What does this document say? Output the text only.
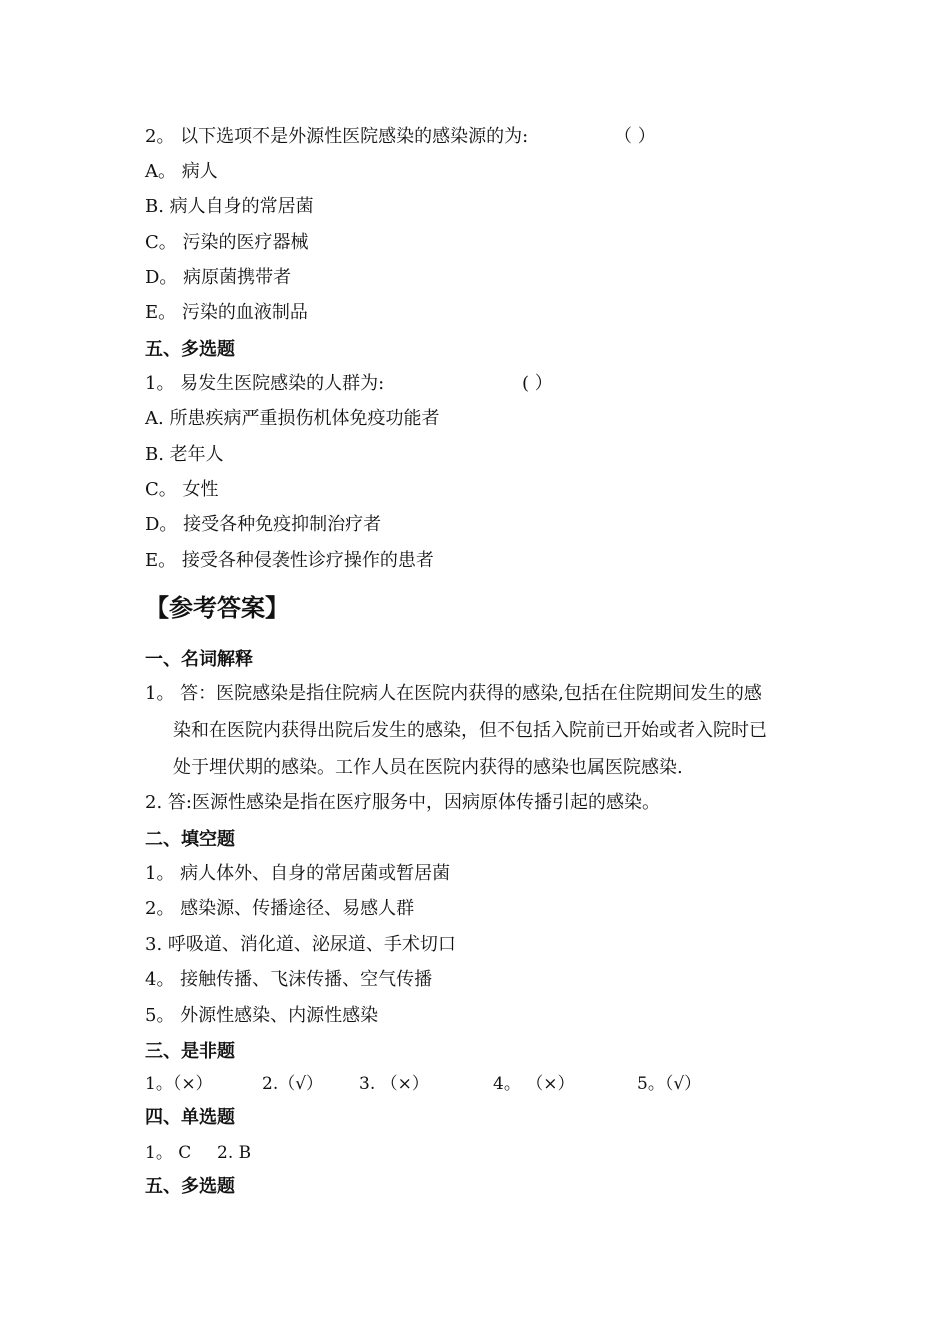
2。 以下选项不是外源性医院感染的感染源的为:	（ ）
A。 病人
B. 病人自身的常居菌
C。 污染的医疗器械
D。 病原菌携带者
E。 污染的血液制品
五、多选题
1。 易发生医院感染的人群为:	( ）
A. 所患疾病严重损伤机体免疫功能者
B. 老年人
C。 女性
D。 接受各种免疫抑制治疗者
E。 接受各种侵袭性诊疗操作的患者
【参考答案】
一、名词解释
1。 答：医院感染是指住院病人在医院内获得的感染,包括在住院期间发生的感
染和在医院内获得出院后发生的感染，但不包括入院前已开始或者入院时已
处于埋伏期的感染。工作人员在医院内获得的感染也属医院感染.
2. 答:医源性感染是指在医疗服务中，因病原体传播引起的感染。
二、填空题
1。 病人体外、自身的常居菌或暂居菌
2。 感染源、传播途径、易感人群
3. 呼吸道、消化道、泌尿道、手术切口
4。 接触传播、飞沫传播、空气传播
5。 外源性感染、内源性感染
三、是非题
1。（×）	2.（√） 3. （×）	4。 （×）	5。（√）
四、单选题
1。 C 2. B
五、多选题
